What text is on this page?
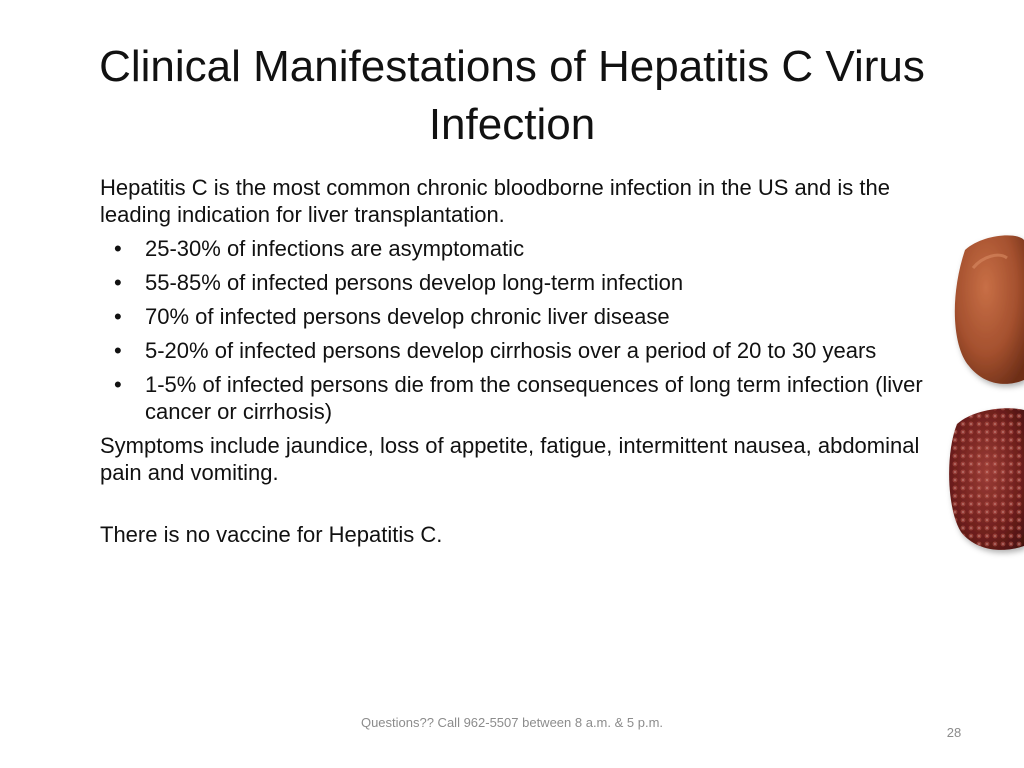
Clinical Manifestations of Hepatitis C Virus Infection

Hepatitis C is the most common chronic bloodborne infection in the US and is the leading indication for liver transplantation.

• 25-30% of infections are asymptomatic
• 55-85% of infected persons develop long-term infection
• 70% of infected persons develop chronic liver disease
• 5-20% of infected persons develop cirrhosis over a period of 20 to 30 years
• 1-5% of infected persons die from the consequences of long term infection (liver cancer or cirrhosis)

Symptoms include jaundice, loss of appetite, fatigue, intermittent nausea, abdominal pain and vomiting.

There is no vaccine for Hepatitis C.

Questions?? Call 962-5507 between 8 a.m. & 5 p.m.
28
